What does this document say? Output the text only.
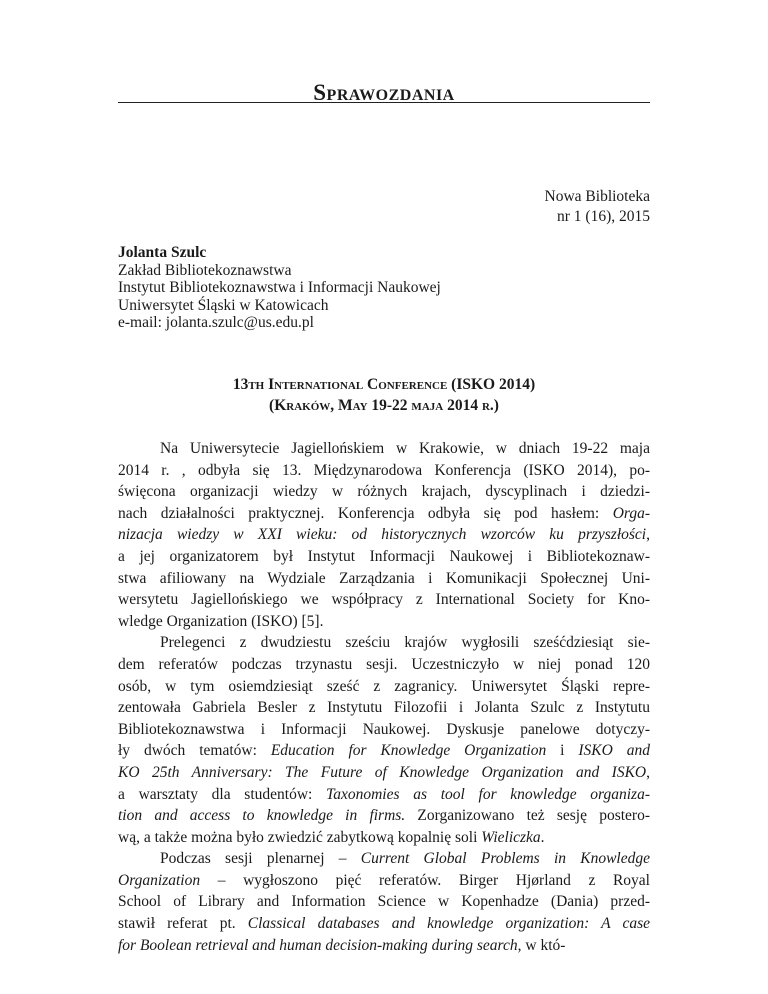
Sprawozdania
Nowa Biblioteka
nr 1 (16), 2015
Jolanta Szulc
Zakład Bibliotekoznawstwa
Instytut Bibliotekoznawstwa i Informacji Naukowej
Uniwersytet Śląski w Katowicach
e-mail: jolanta.szulc@us.edu.pl
13th International Conference (ISKO 2014)
(Kraków, May 19-22 maja 2014 r.)
Na Uniwersytecie Jagiellońskiem w Krakowie, w dniach 19-22 maja
2014 r. , odbyła się 13. Międzynarodowa Konferencja (ISKO 2014), po-
święcona organizacji wiedzy w różnych krajach, dyscyplinach i dziedzi-
nach działalności praktycznej. Konferencja odbyła się pod hasłem: Orga-
nizacja wiedzy w XXI wieku: od historycznych wzorców ku przyszłości,
a jej organizatorem był Instytut Informacji Naukowej i Bibliotekoznaw-
stwa afiliowany na Wydziale Zarządzania i Komunikacji Społecznej Uni-
wersytetu Jagiellońskiego we współpracy z International Society for Kno-
wledge Organization (ISKO) [5].
Prelegenci z dwudziestu sześciu krajów wygłosili sześćdziesiąt sie-
dem referatów podczas trzynastu sesji. Uczestniczyło w niej ponad 120
osób, w tym osiemdziesiąt sześć z zagranicy. Uniwersytet Śląski repre-
zentowała Gabriela Besler z Instytutu Filozofii i Jolanta Szulc z Instytutu
Bibliotekoznawstwa i Informacji Naukowej. Dyskusje panelowe dotyczy-
ły dwóch tematów: Education for Knowledge Organization i ISKO and
KO 25th Anniversary: The Future of Knowledge Organization and ISKO,
a warsztaty dla studentów: Taxonomies as tool for knowledge organiza-
tion and access to knowledge in firms. Zorganizowano też sesję postero-
wą, a także można było zwiedzić zabytkową kopalnię soli Wieliczka.
Podczas sesji plenarnej – Current Global Problems in Knowledge
Organization – wygłoszono pięć referatów. Birger Hjørland z Royal
School of Library and Information Science w Kopenhadze (Dania) przed-
stawił referat pt. Classical databases and knowledge organization: A case
for Boolean retrieval and human decision-making during search, w któ-
